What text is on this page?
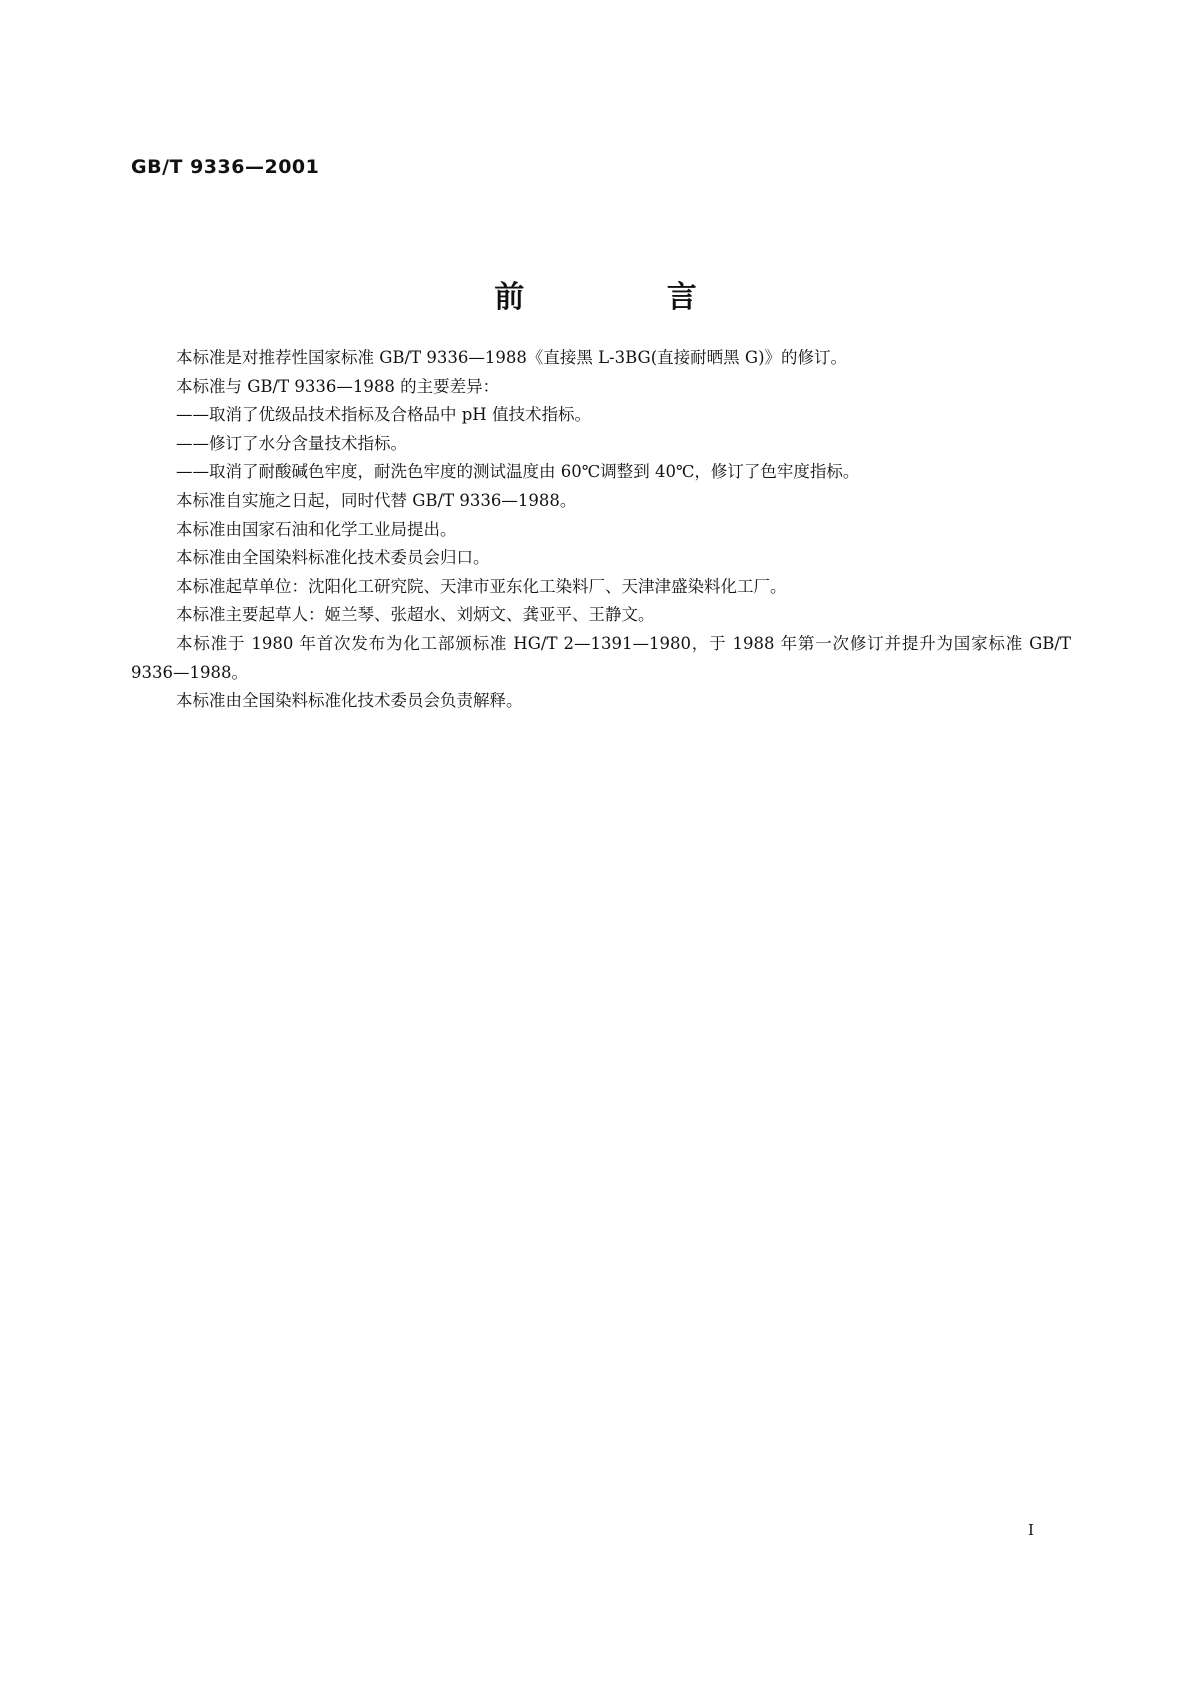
GB/T 9336—2001
前 言

本标准是对推荐性国家标准 GB/T 9336—1988《直接黑 L-3BG(直接耐晒黑 G)》的修订。

本标准与 GB/T 9336—1988 的主要差异：

——取消了优级品技术指标及合格品中 pH 值技术指标。

——修订了水分含量技术指标。

——取消了耐酸碱色牢度，耐洗色牢度的测试温度由 60℃调整到 40℃，修订了色牢度指标。

本标准自实施之日起，同时代替 GB/T 9336—1988。

本标准由国家石油和化学工业局提出。

本标准由全国染料标准化技术委员会归口。

本标准起草单位：沈阳化工研究院、天津市亚东化工染料厂、天津津盛染料化工厂。

本标准主要起草人：姬兰琴、张超水、刘炳文、龚亚平、王静文。

本标准于 1980 年首次发布为化工部颁标准 HG/T 2—1391—1980，于 1988 年第一次修订并提升为国家标准 GB/T 9336—1988。

本标准由全国染料标准化技术委员会负责解释。

I
